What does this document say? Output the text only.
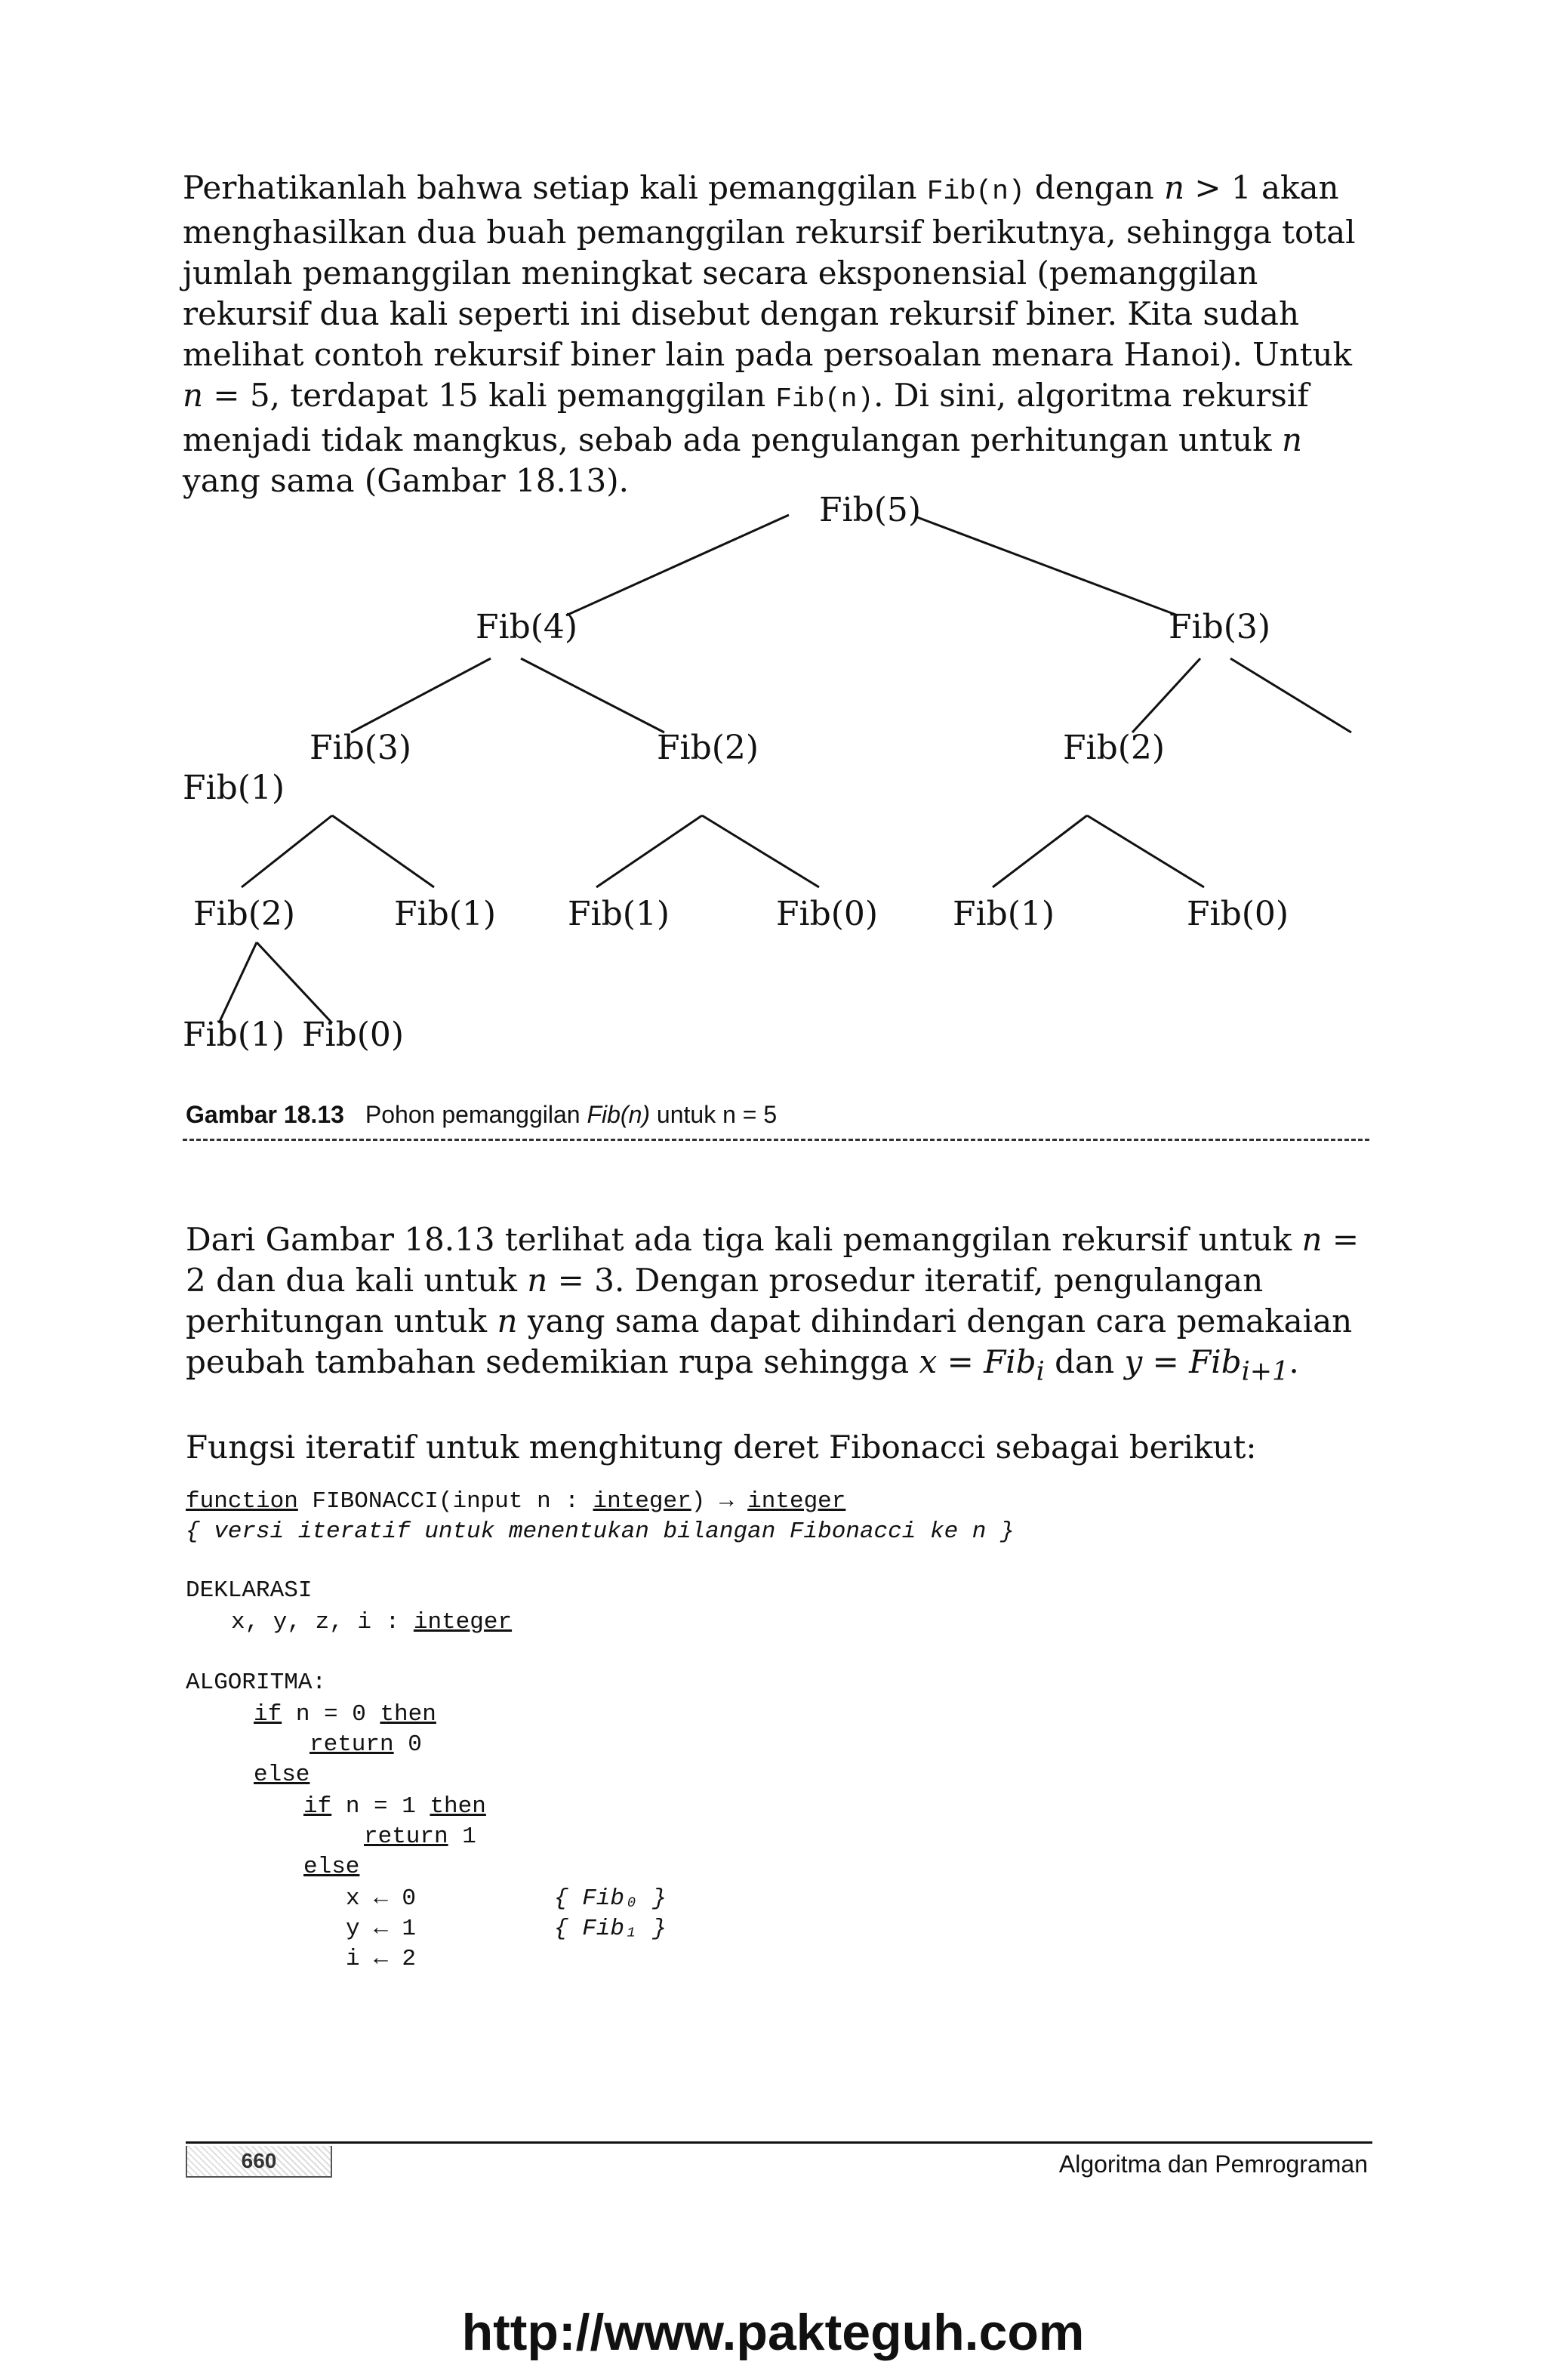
Perhatikanlah bahwa setiap kali pemanggilan Fib(n) dengan n > 1 akan menghasilkan dua buah pemanggilan rekursif berikutnya, sehingga total jumlah pemanggilan meningkat secara eksponensial (pemanggilan rekursif dua kali seperti ini disebut dengan rekursif biner. Kita sudah melihat contoh rekursif biner lain pada persoalan menara Hanoi). Untuk n = 5, terdapat 15 kali pemanggilan Fib(n). Di sini, algoritma rekursif menjadi tidak mangkus, sebab ada pengulangan perhitungan untuk n yang sama (Gambar 18.13).
Fib(5)
Fib(4)	Fib(3)
Fib(3)	Fib(2)	Fib(2)
Fib(1)
Fib(2)	Fib(1) Fib(1)	Fib(0) Fib(1)	Fib(0)
Fib(1) Fib(0)
Gambar 18.13 Pohon pemanggilan Fib(n) untuk n = 5
Dari Gambar 18.13 terlihat ada tiga kali pemanggilan rekursif untuk n = 2 dan dua kali untuk n = 3. Dengan prosedur iteratif, pengulangan perhitungan untuk n yang sama dapat dihindari dengan cara pemakaian peubah tambahan sedemikian rupa sehingga x = Fib$_i$ dan y = Fib$_{i+1}$.
Fungsi iteratif untuk menghitung deret Fibonacci sebagai berikut:
function FIBONACCI(input n : integer) → integer
{ versi iteratif untuk menentukan bilangan Fibonacci ke n }
DEKLARASI
x, y, z, i : integer
ALGORITMA:
if n = 0 then
return 0
else
if n = 1 then
return 1
else
x ← 0	{ Fib₀ }
y ← 1	{ Fib₁ }
i ← 2
660	Algoritma dan Pemrograman
http://www.pakteguh.com
